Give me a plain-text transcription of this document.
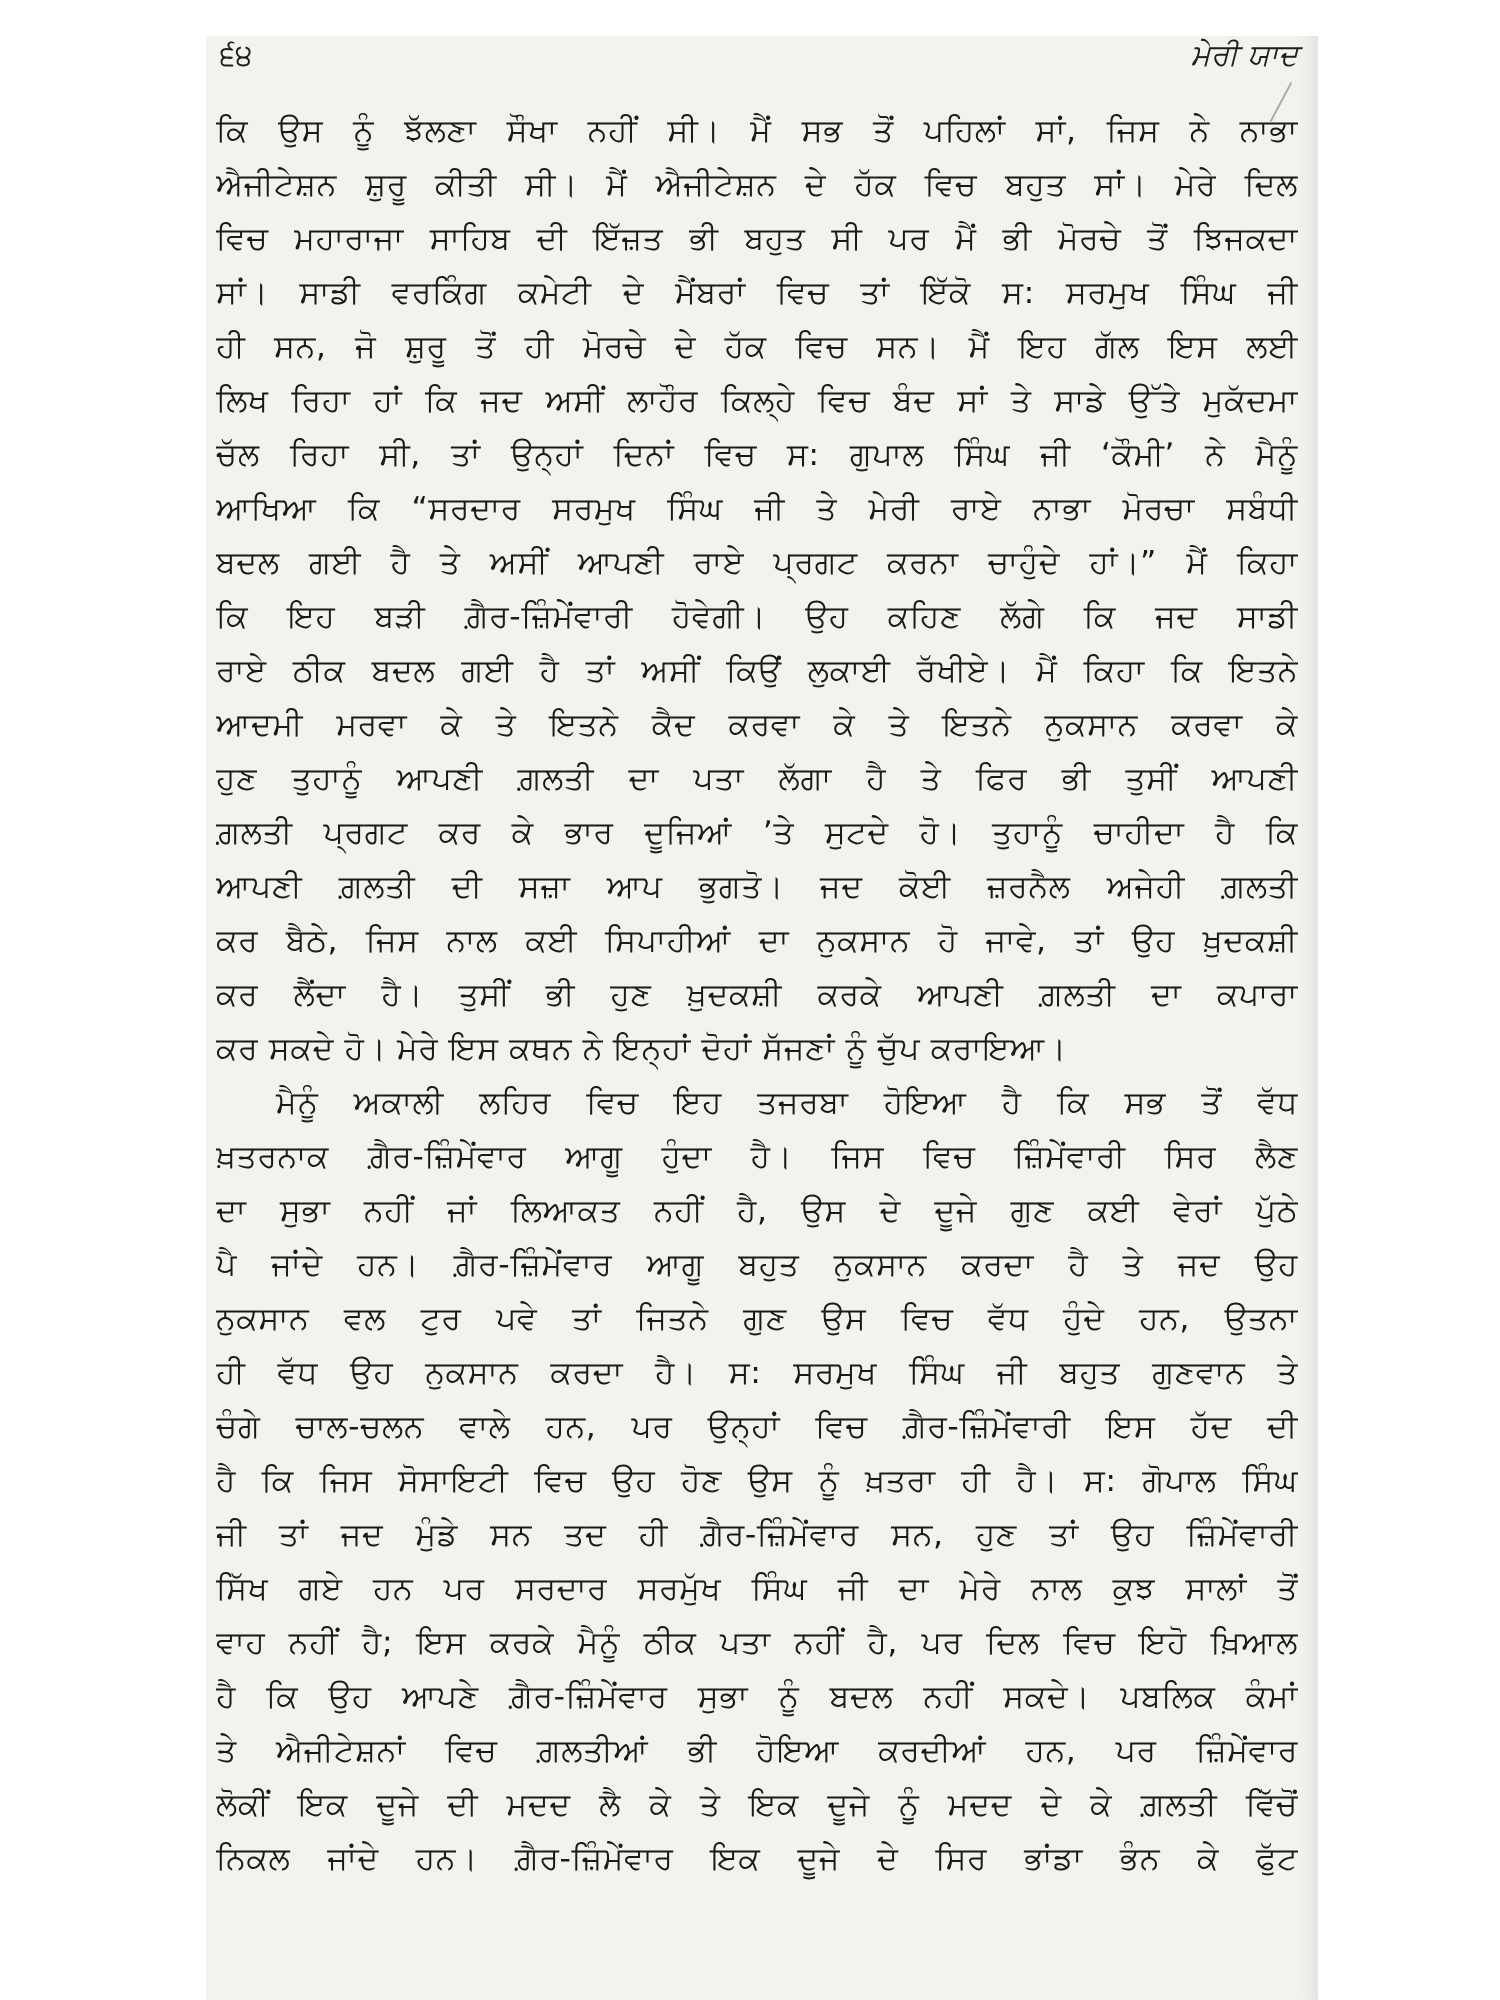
੬੪	ਮੇਰੀ ਯਾਦ
ਕਿ ਉਸ ਨੂੰ ਝੱਲਣਾ ਸੌਖਾ ਨਹੀਂ ਸੀ। ਮੈਂ ਸਭ ਤੋਂ ਪਹਿਲਾਂ ਸਾਂ, ਜਿਸ ਨੇ ਨਾਭਾ
ਐਜੀਟੇਸ਼ਨ ਸ਼ੁਰੂ ਕੀਤੀ ਸੀ। ਮੈਂ ਐਜੀਟੇਸ਼ਨ ਦੇ ਹੱਕ ਵਿਚ ਬਹੁਤ ਸਾਂ। ਮੇਰੇ ਦਿਲ
ਵਿਚ ਮਹਾਰਾਜਾ ਸਾਹਿਬ ਦੀ ਇੱਜ਼ਤ ਭੀ ਬਹੁਤ ਸੀ ਪਰ ਮੈਂ ਭੀ ਮੋਰਚੇ ਤੋਂ ਝਿਜਕਦਾ
ਸਾਂ। ਸਾਡੀ ਵਰਕਿੰਗ ਕਮੇਟੀ ਦੇ ਮੈਂਬਰਾਂ ਵਿਚ ਤਾਂ ਇੱਕੋ ਸ: ਸਰਮੁਖ ਸਿੰਘ ਜੀ
ਹੀ ਸਨ, ਜੋ ਸ਼ੁਰੂ ਤੋਂ ਹੀ ਮੋਰਚੇ ਦੇ ਹੱਕ ਵਿਚ ਸਨ। ਮੈਂ ਇਹ ਗੱਲ ਇਸ ਲਈ
ਲਿਖ ਰਿਹਾ ਹਾਂ ਕਿ ਜਦ ਅਸੀਂ ਲਾਹੌਰ ਕਿਲ੍ਹੇ ਵਿਚ ਬੰਦ ਸਾਂ ਤੇ ਸਾਡੇ ਉੱਤੇ ਮੁਕੱਦਮਾ
ਚੱਲ ਰਿਹਾ ਸੀ, ਤਾਂ ਉਨ੍ਹਾਂ ਦਿਨਾਂ ਵਿਚ ਸ: ਗੁਪਾਲ ਸਿੰਘ ਜੀ ‘ਕੌਮੀ’ ਨੇ ਮੈਨੂੰ
ਆਖਿਆ ਕਿ “ਸਰਦਾਰ ਸਰਮੁਖ ਸਿੰਘ ਜੀ ਤੇ ਮੇਰੀ ਰਾਏ ਨਾਭਾ ਮੋਰਚਾ ਸਬੰਧੀ
ਬਦਲ ਗਈ ਹੈ ਤੇ ਅਸੀਂ ਆਪਣੀ ਰਾਏ ਪ੍ਰਗਟ ਕਰਨਾ ਚਾਹੁੰਦੇ ਹਾਂ।” ਮੈਂ ਕਿਹਾ
ਕਿ ਇਹ ਬੜੀ ਗ਼ੈਰ-ਜ਼ਿੰਮੇਂਵਾਰੀ ਹੋਵੇਗੀ। ਉਹ ਕਹਿਣ ਲੱਗੇ ਕਿ ਜਦ ਸਾਡੀ
ਰਾਏ ਠੀਕ ਬਦਲ ਗਈ ਹੈ ਤਾਂ ਅਸੀਂ ਕਿਉਂ ਲੁਕਾਈ ਰੱਖੀਏ। ਮੈਂ ਕਿਹਾ ਕਿ ਇਤਨੇ
ਆਦਮੀ ਮਰਵਾ ਕੇ ਤੇ ਇਤਨੇ ਕੈਦ ਕਰਵਾ ਕੇ ਤੇ ਇਤਨੇ ਨੁਕਸਾਨ ਕਰਵਾ ਕੇ
ਹੁਣ ਤੁਹਾਨੂੰ ਆਪਣੀ ਗ਼ਲਤੀ ਦਾ ਪਤਾ ਲੱਗਾ ਹੈ ਤੇ ਫਿਰ ਭੀ ਤੁਸੀਂ ਆਪਣੀ
ਗ਼ਲਤੀ ਪ੍ਰਗਟ ਕਰ ਕੇ ਭਾਰ ਦੂਜਿਆਂ ’ਤੇ ਸੁਟਦੇ ਹੋ। ਤੁਹਾਨੂੰ ਚਾਹੀਦਾ ਹੈ ਕਿ
ਆਪਣੀ ਗ਼ਲਤੀ ਦੀ ਸਜ਼ਾ ਆਪ ਭੁਗਤੋ। ਜਦ ਕੋਈ ਜ਼ਰਨੈਲ ਅਜੇਹੀ ਗ਼ਲਤੀ
ਕਰ ਬੈਠੇ, ਜਿਸ ਨਾਲ ਕਈ ਸਿਪਾਹੀਆਂ ਦਾ ਨੁਕਸਾਨ ਹੋ ਜਾਵੇ, ਤਾਂ ਉਹ ਖ਼ੁਦਕਸ਼ੀ
ਕਰ ਲੈਂਦਾ ਹੈ। ਤੁਸੀਂ ਭੀ ਹੁਣ ਖ਼ੁਦਕਸ਼ੀ ਕਰਕੇ ਆਪਣੀ ਗ਼ਲਤੀ ਦਾ ਕਪਾਰਾ
ਕਰ ਸਕਦੇ ਹੋ। ਮੇਰੇ ਇਸ ਕਥਨ ਨੇ ਇਨ੍ਹਾਂ ਦੋਹਾਂ ਸੱਜਣਾਂ ਨੂੰ ਚੁੱਪ ਕਰਾਇਆ।
ਮੈਨੂੰ ਅਕਾਲੀ ਲਹਿਰ ਵਿਚ ਇਹ ਤਜਰਬਾ ਹੋਇਆ ਹੈ ਕਿ ਸਭ ਤੋਂ ਵੱਧ
ਖ਼ਤਰਨਾਕ ਗ਼ੈਰ-ਜ਼ਿੰਮੇਂਵਾਰ ਆਗੂ ਹੁੰਦਾ ਹੈ। ਜਿਸ ਵਿਚ ਜ਼ਿੰਮੇਂਵਾਰੀ ਸਿਰ ਲੈਣ
ਦਾ ਸੁਭਾ ਨਹੀਂ ਜਾਂ ਲਿਆਕਤ ਨਹੀਂ ਹੈ, ਉਸ ਦੇ ਦੂਜੇ ਗੁਣ ਕਈ ਵੇਰਾਂ ਪੁੱਠੇ
ਪੈ ਜਾਂਦੇ ਹਨ। ਗ਼ੈਰ-ਜ਼ਿੰਮੇਂਵਾਰ ਆਗੂ ਬਹੁਤ ਨੁਕਸਾਨ ਕਰਦਾ ਹੈ ਤੇ ਜਦ ਉਹ
ਨੁਕਸਾਨ ਵਲ ਟੁਰ ਪਵੇ ਤਾਂ ਜਿਤਨੇ ਗੁਣ ਉਸ ਵਿਚ ਵੱਧ ਹੁੰਦੇ ਹਨ, ਉਤਨਾ
ਹੀ ਵੱਧ ਉਹ ਨੁਕਸਾਨ ਕਰਦਾ ਹੈ। ਸ: ਸਰਮੁਖ ਸਿੰਘ ਜੀ ਬਹੁਤ ਗੁਣਵਾਨ ਤੇ
ਚੰਗੇ ਚਾਲ-ਚਲਨ ਵਾਲੇ ਹਨ, ਪਰ ਉਨ੍ਹਾਂ ਵਿਚ ਗ਼ੈਰ-ਜ਼ਿੰਮੇਂਵਾਰੀ ਇਸ ਹੱਦ ਦੀ
ਹੈ ਕਿ ਜਿਸ ਸੋਸਾਇਟੀ ਵਿਚ ਉਹ ਹੋਣ ਉਸ ਨੂੰ ਖ਼ਤਰਾ ਹੀ ਹੈ। ਸ: ਗੋਪਾਲ ਸਿੰਘ
ਜੀ ਤਾਂ ਜਦ ਮੁੰਡੇ ਸਨ ਤਦ ਹੀ ਗ਼ੈਰ-ਜ਼ਿੰਮੇਂਵਾਰ ਸਨ, ਹੁਣ ਤਾਂ ਉਹ ਜ਼ਿੰਮੇਂਵਾਰੀ
ਸਿੱਖ ਗਏ ਹਨ ਪਰ ਸਰਦਾਰ ਸਰਮੁੱਖ ਸਿੰਘ ਜੀ ਦਾ ਮੇਰੇ ਨਾਲ ਕੁਝ ਸਾਲਾਂ ਤੋਂ
ਵਾਹ ਨਹੀਂ ਹੈ; ਇਸ ਕਰਕੇ ਮੈਨੂੰ ਠੀਕ ਪਤਾ ਨਹੀਂ ਹੈ, ਪਰ ਦਿਲ ਵਿਚ ਇਹੋ ਖ਼ਿਆਲ
ਹੈ ਕਿ ਉਹ ਆਪਣੇ ਗ਼ੈਰ-ਜ਼ਿੰਮੇਂਵਾਰ ਸੁਭਾ ਨੂੰ ਬਦਲ ਨਹੀਂ ਸਕਦੇ। ਪਬਲਿਕ ਕੰਮਾਂ
ਤੇ ਐਜੀਟੇਸ਼ਨਾਂ ਵਿਚ ਗ਼ਲਤੀਆਂ ਭੀ ਹੋਇਆ ਕਰਦੀਆਂ ਹਨ, ਪਰ ਜ਼ਿੰਮੇਂਵਾਰ
ਲੋਕੀਂ ਇਕ ਦੂਜੇ ਦੀ ਮਦਦ ਲੈ ਕੇ ਤੇ ਇਕ ਦੂਜੇ ਨੂੰ ਮਦਦ ਦੇ ਕੇ ਗ਼ਲਤੀ ਵਿੱਚੋਂ
ਨਿਕਲ ਜਾਂਦੇ ਹਨ। ਗ਼ੈਰ-ਜ਼ਿੰਮੇਂਵਾਰ ਇਕ ਦੂਜੇ ਦੇ ਸਿਰ ਭਾਂਡਾ ਭੰਨ ਕੇ ਫੁੱਟ
